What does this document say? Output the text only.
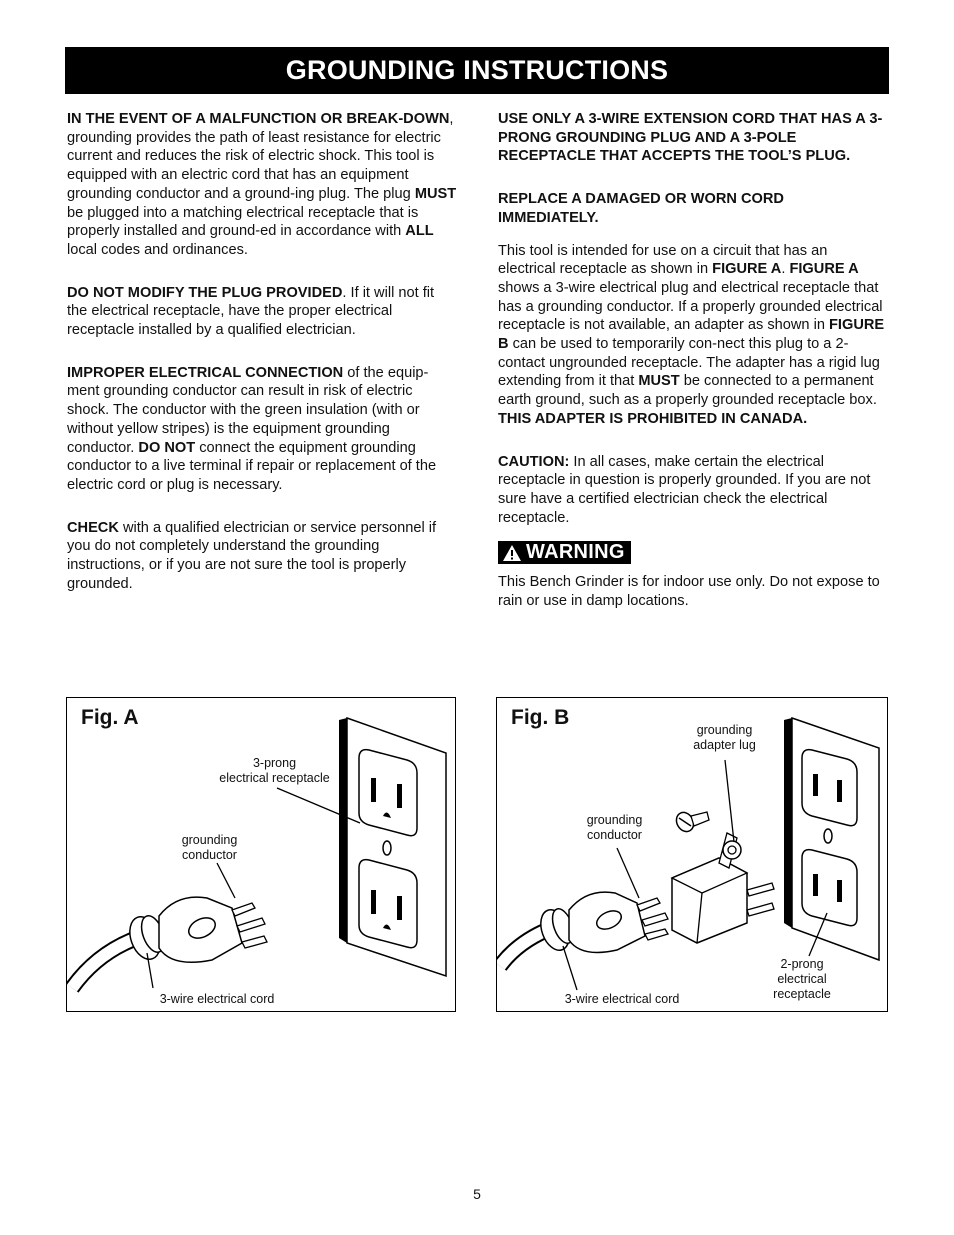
GROUNDING INSTRUCTIONS

IN THE EVENT OF A MALFUNCTION OR BREAK-DOWN, grounding provides the path of least resistance for electric current and reduces the risk of electric shock. This tool is equipped with an electric cord that has an equipment grounding conductor and a ground-ing plug. The plug MUST be plugged into a matching electrical receptacle that is properly installed and ground-ed in accordance with ALL local codes and ordinances.

DO NOT MODIFY THE PLUG PROVIDED. If it will not fit the electrical receptacle, have the proper electrical receptacle installed by a qualified electrician.

IMPROPER ELECTRICAL CONNECTION of the equip-ment grounding conductor can result in risk of electric shock. The conductor with the green insulation (with or without yellow stripes) is the equipment grounding conductor. DO NOT connect the equipment grounding conductor to a live terminal if repair or replacement of the electric cord or plug is necessary.

CHECK with a qualified electrician or service personnel if you do not completely understand the grounding instructions, or if you are not sure the tool is properly grounded.

USE ONLY A 3-WIRE EXTENSION CORD THAT HAS A 3-PRONG GROUNDING PLUG AND A 3-POLE RECEPTACLE THAT ACCEPTS THE TOOL’S PLUG.

REPLACE A DAMAGED OR WORN CORD IMMEDIATELY.

This tool is intended for use on a circuit that has an electrical receptacle as shown in FIGURE A. FIGURE A shows a 3-wire electrical plug and electrical receptacle that has a grounding conductor. If a properly grounded electrical receptacle is not available, an adapter as shown in FIGURE B can be used to temporarily con-nect this plug to a 2-contact ungrounded receptacle. The adapter has a rigid lug extending from it that MUST be connected to a permanent earth ground, such as a properly grounded receptacle box. THIS ADAPTER IS PROHIBITED IN CANADA.

CAUTION: In all cases, make certain the electrical receptacle in question is properly grounded. If you are not sure have a certified electrician check the electrical receptacle.

WARNING

This Bench Grinder is for indoor use only. Do not expose to rain or use in damp locations.

Fig. A
3-prong
electrical receptacle
grounding
conductor
3-wire electrical cord
Fig. B
grounding
adapter lug
grounding
conductor
2-prong
electrical
receptacle
3-wire electrical cord
5
